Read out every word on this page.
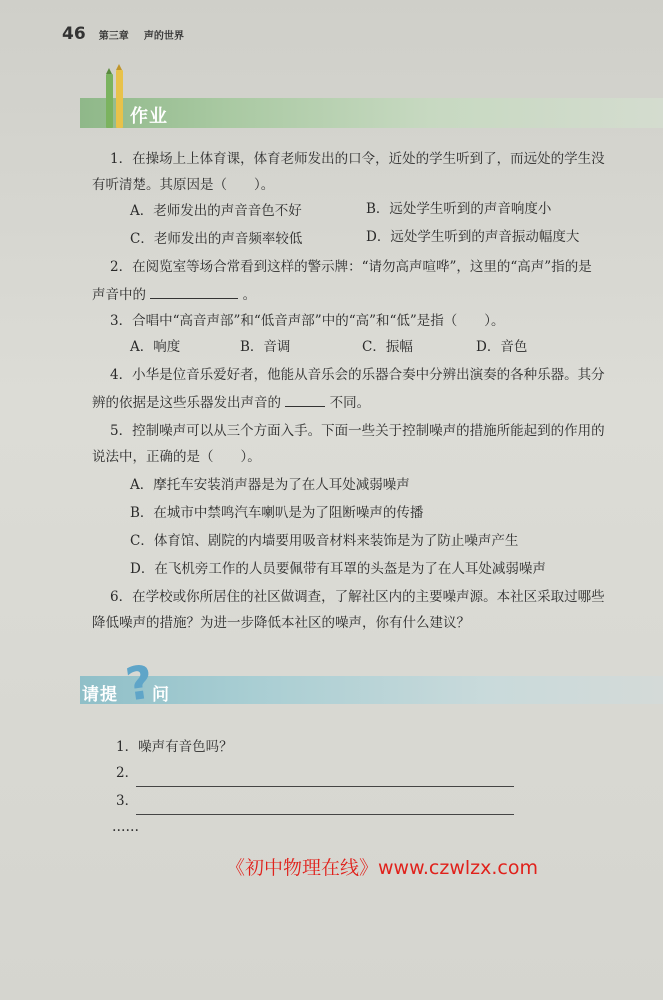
46 第三章 声的世界
作业
1．在操场上上体育课，体育老师发出的口令，近处的学生听到了，而远处的学生没
有听清楚。其原因是（　　）。
A．老师发出的声音音色不好	B．远处学生听到的声音响度小
C．老师发出的声音频率较低	D．远处学生听到的声音振动幅度大
2．在阅览室等场合常看到这样的警示牌：“请勿高声喧哗”，这里的“高声”指的是
声音中的	。
3．合唱中“高音声部”和“低音声部”中的“高”和“低”是指（　　）。
A．响度	B．音调	C．振幅	D．音色
4．小华是位音乐爱好者，他能从音乐会的乐器合奏中分辨出演奏的各种乐器。其分
辨的依据是这些乐器发出声音的	不同。
5．控制噪声可以从三个方面入手。下面一些关于控制噪声的措施所能起到的作用的
说法中，正确的是（　　）。
A．摩托车安装消声器是为了在人耳处减弱噪声
B．在城市中禁鸣汽车喇叭是为了阻断噪声的传播
C．体育馆、剧院的内墙要用吸音材料来装饰是为了防止噪声产生
D．在飞机旁工作的人员要佩带有耳罩的头盔是为了在人耳处减弱噪声
6．在学校或你所居住的社区做调查，了解社区内的主要噪声源。本社区采取过哪些
降低噪声的措施？为进一步降低本社区的噪声，你有什么建议？
请提 ?
问
1．噪声有音色吗？
2．
3．
……
《初中物理在线》www.czwlzx.com
